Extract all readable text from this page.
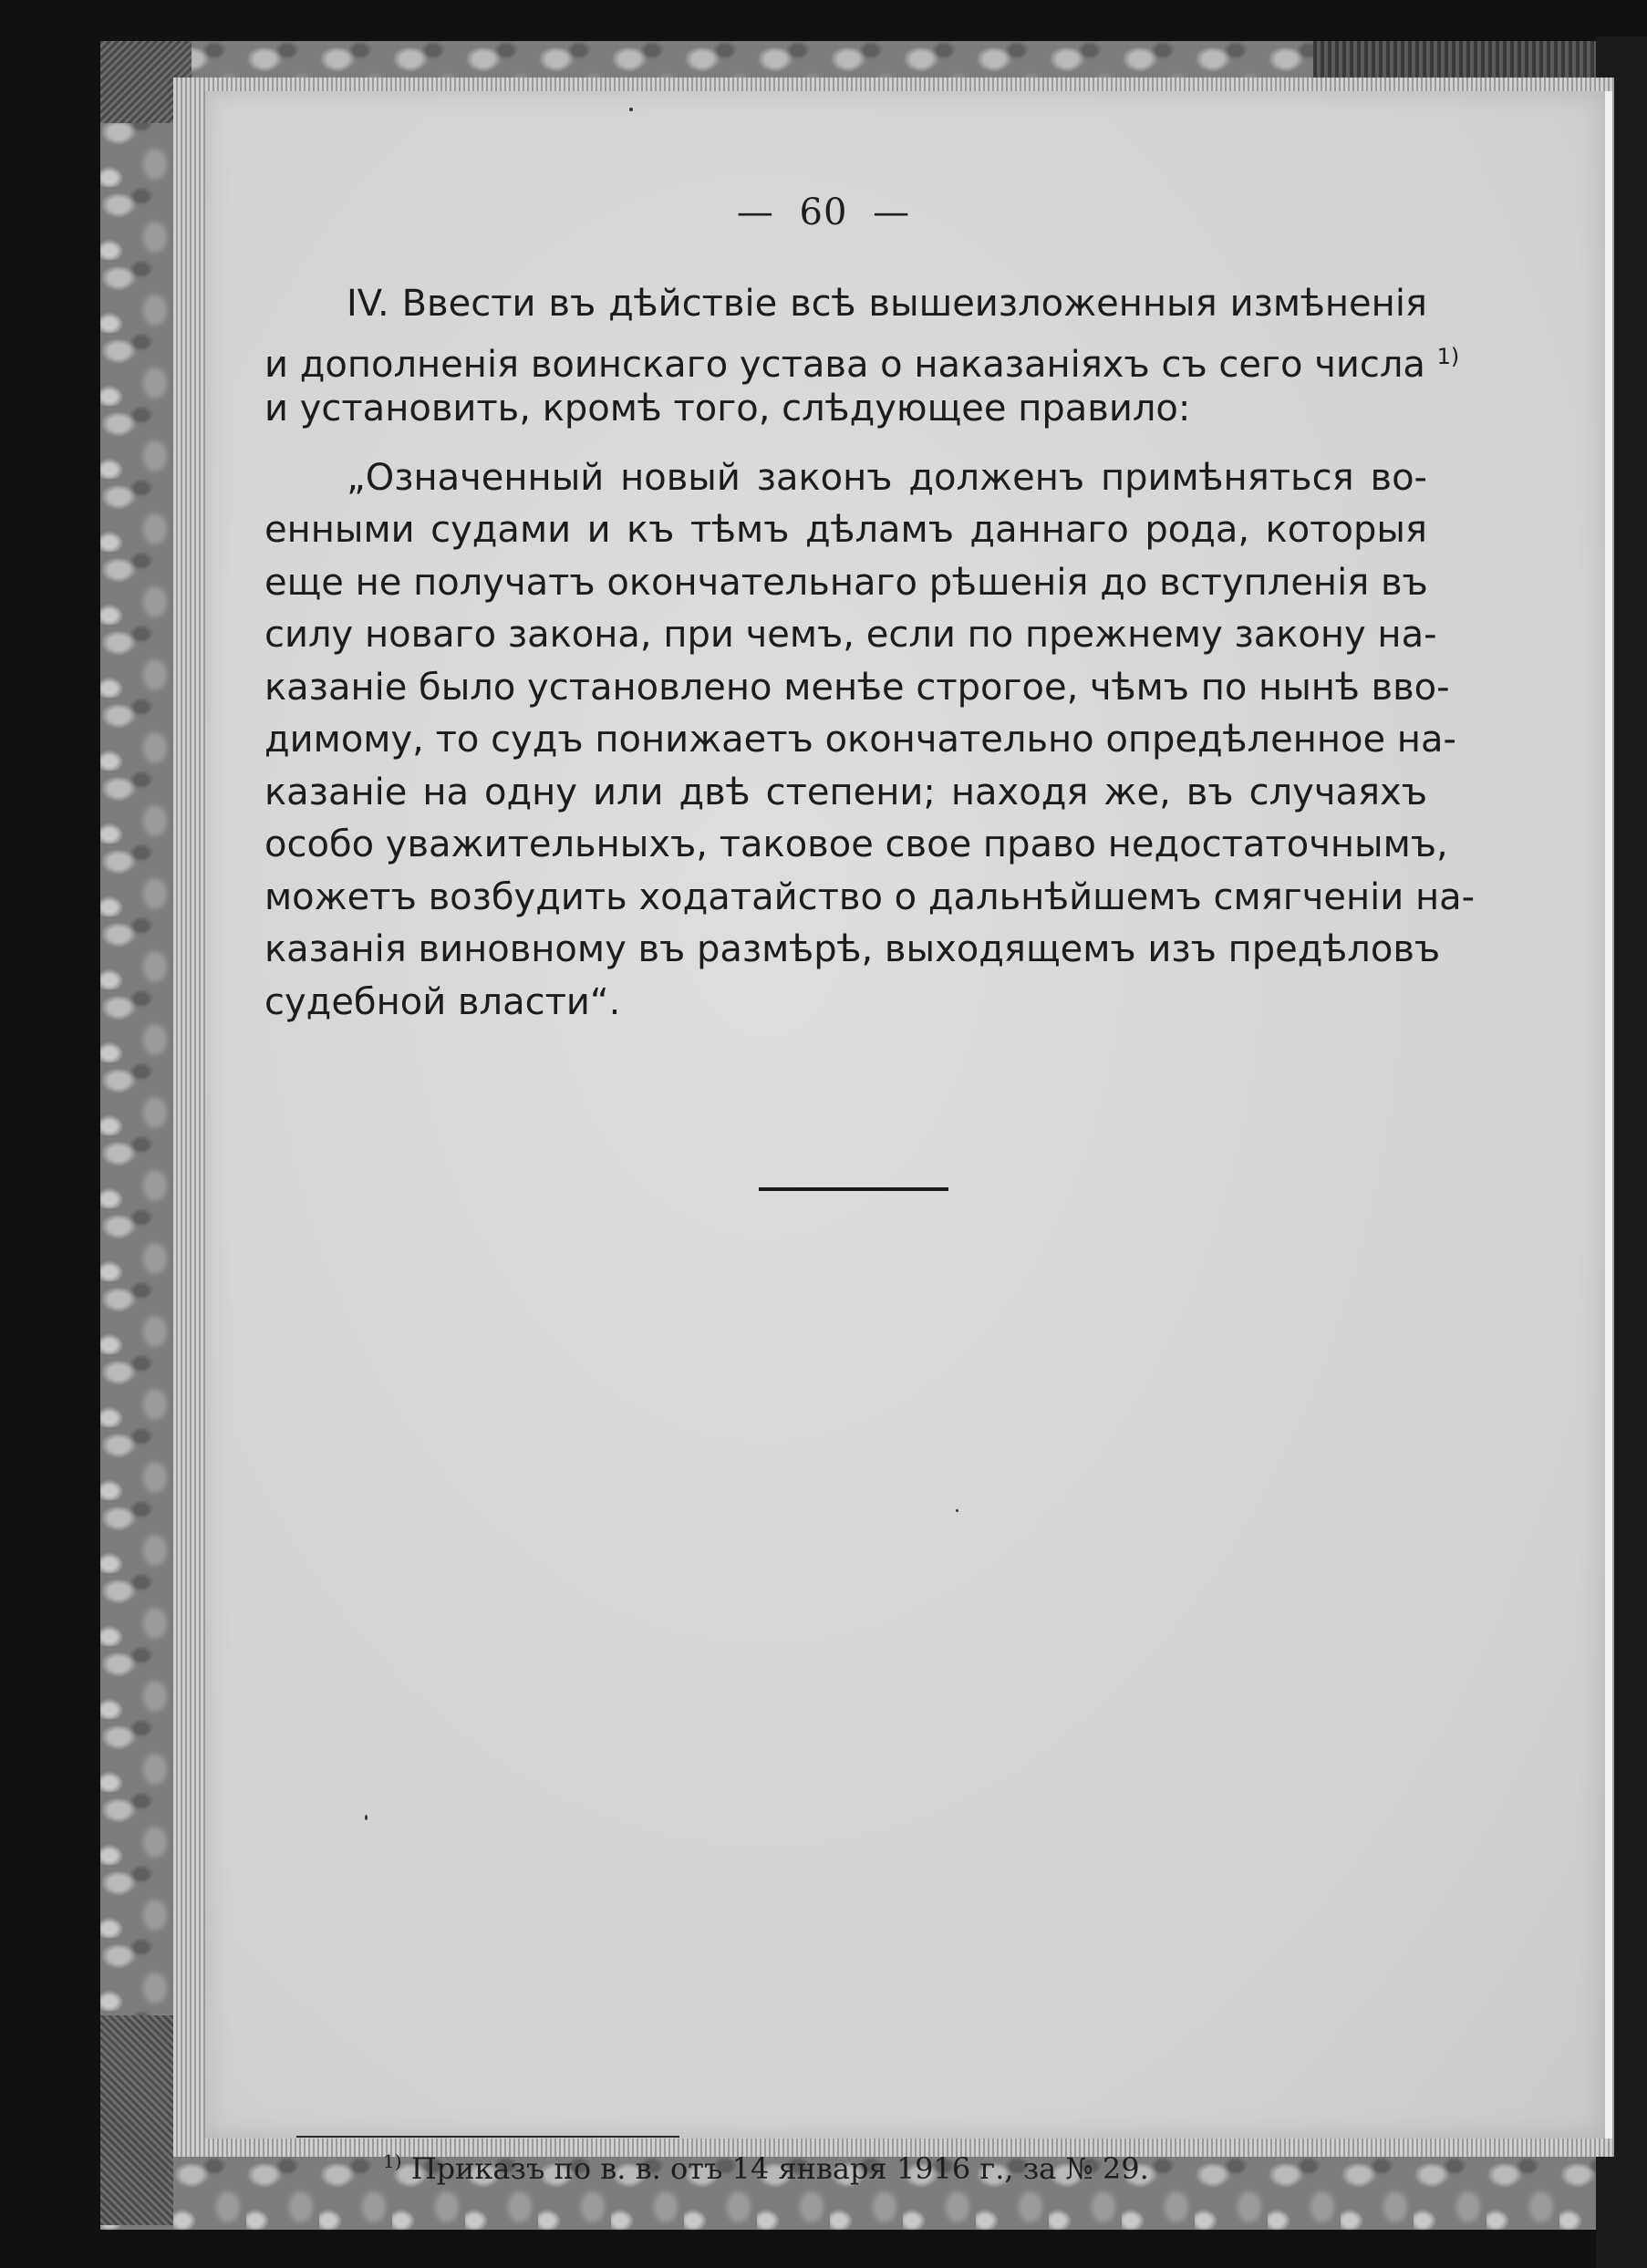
— 60 —
IV. Ввести въ дѣйствіе всѣ вышеизложенныя измѣненія
и дополненія воинскаго устава о наказаніяхъ съ сего числа $^{1)}$
и установить, кромѣ того, слѣдующее правило:
„Означенный новый законъ долженъ примѣняться во-
енными судами и къ тѣмъ дѣламъ даннаго рода, которыя
еще не получатъ окончательнаго рѣшенія до вступленія въ
силу новаго закона, при чемъ, если по прежнему закону на-
казаніе было установлено менѣе строгое, чѣмъ по нынѣ вво-
димому, то судъ понижаетъ окончательно опредѣленное на-
казаніе на одну или двѣ степени; находя же, въ случаяхъ
особо уважительныхъ, таковое свое право недостаточнымъ,
можетъ возбудить ходатайство о дальнѣйшемъ смягченіи на-
казанія виновному въ размѣрѣ, выходящемъ изъ предѣловъ
судебной власти“.
$^{1)}$ Приказъ по в. в. отъ 14 января 1916 г., за № 29.
